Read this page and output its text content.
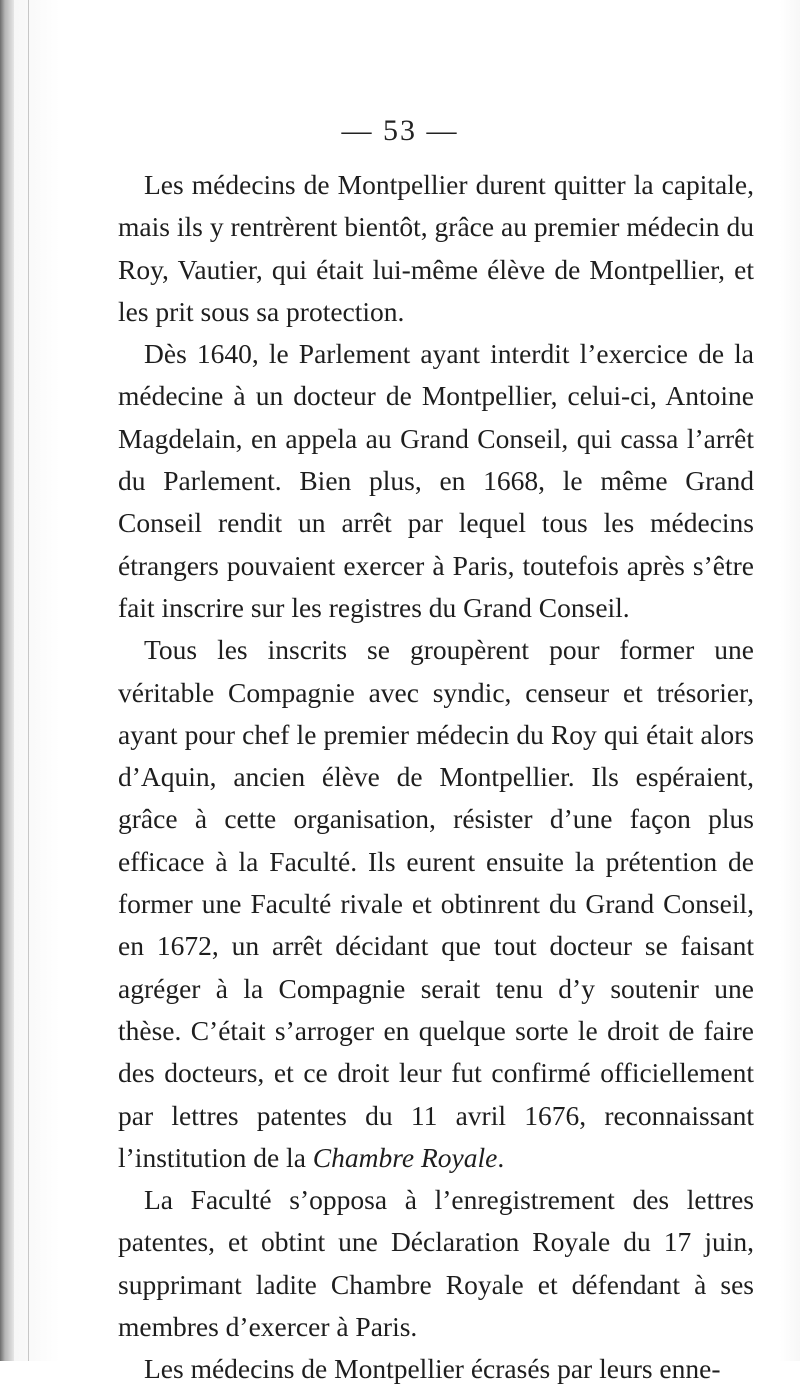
— 53 —

Les médecins de Montpellier durent quitter la capitale, mais ils y rentrèrent bientôt, grâce au premier médecin du Roy, Vautier, qui était lui-même élève de Montpellier, et les prit sous sa protection.

Dès 1640, le Parlement ayant interdit l’exercice de la médecine à un docteur de Montpellier, celui-ci, Antoine Magdelain, en appela au Grand Conseil, qui cassa l’arrêt du Parlement. Bien plus, en 1668, le même Grand Conseil rendit un arrêt par lequel tous les médecins étrangers pouvaient exercer à Paris, toutefois après s’être fait inscrire sur les registres du Grand Conseil.

Tous les inscrits se groupèrent pour former une véritable Compagnie avec syndic, censeur et trésorier, ayant pour chef le premier médecin du Roy qui était alors d’Aquin, ancien élève de Montpellier. Ils espéraient, grâce à cette organisation, résister d’une façon plus efficace à la Faculté. Ils eurent ensuite la prétention de former une Faculté rivale et obtinrent du Grand Conseil, en 1672, un arrêt décidant que tout docteur se faisant agréger à la Compagnie serait tenu d’y soutenir une thèse. C’était s’arroger en quelque sorte le droit de faire des docteurs, et ce droit leur fut confirmé officiellement par lettres patentes du 11 avril 1676, reconnaissant l’institution de la Chambre Royale.

La Faculté s’opposa à l’enregistrement des lettres patentes, et obtint une Déclaration Royale du 17 juin, supprimant ladite Chambre Royale et défendant à ses membres d’exercer à Paris.

Les médecins de Montpellier écrasés par leurs enne-
